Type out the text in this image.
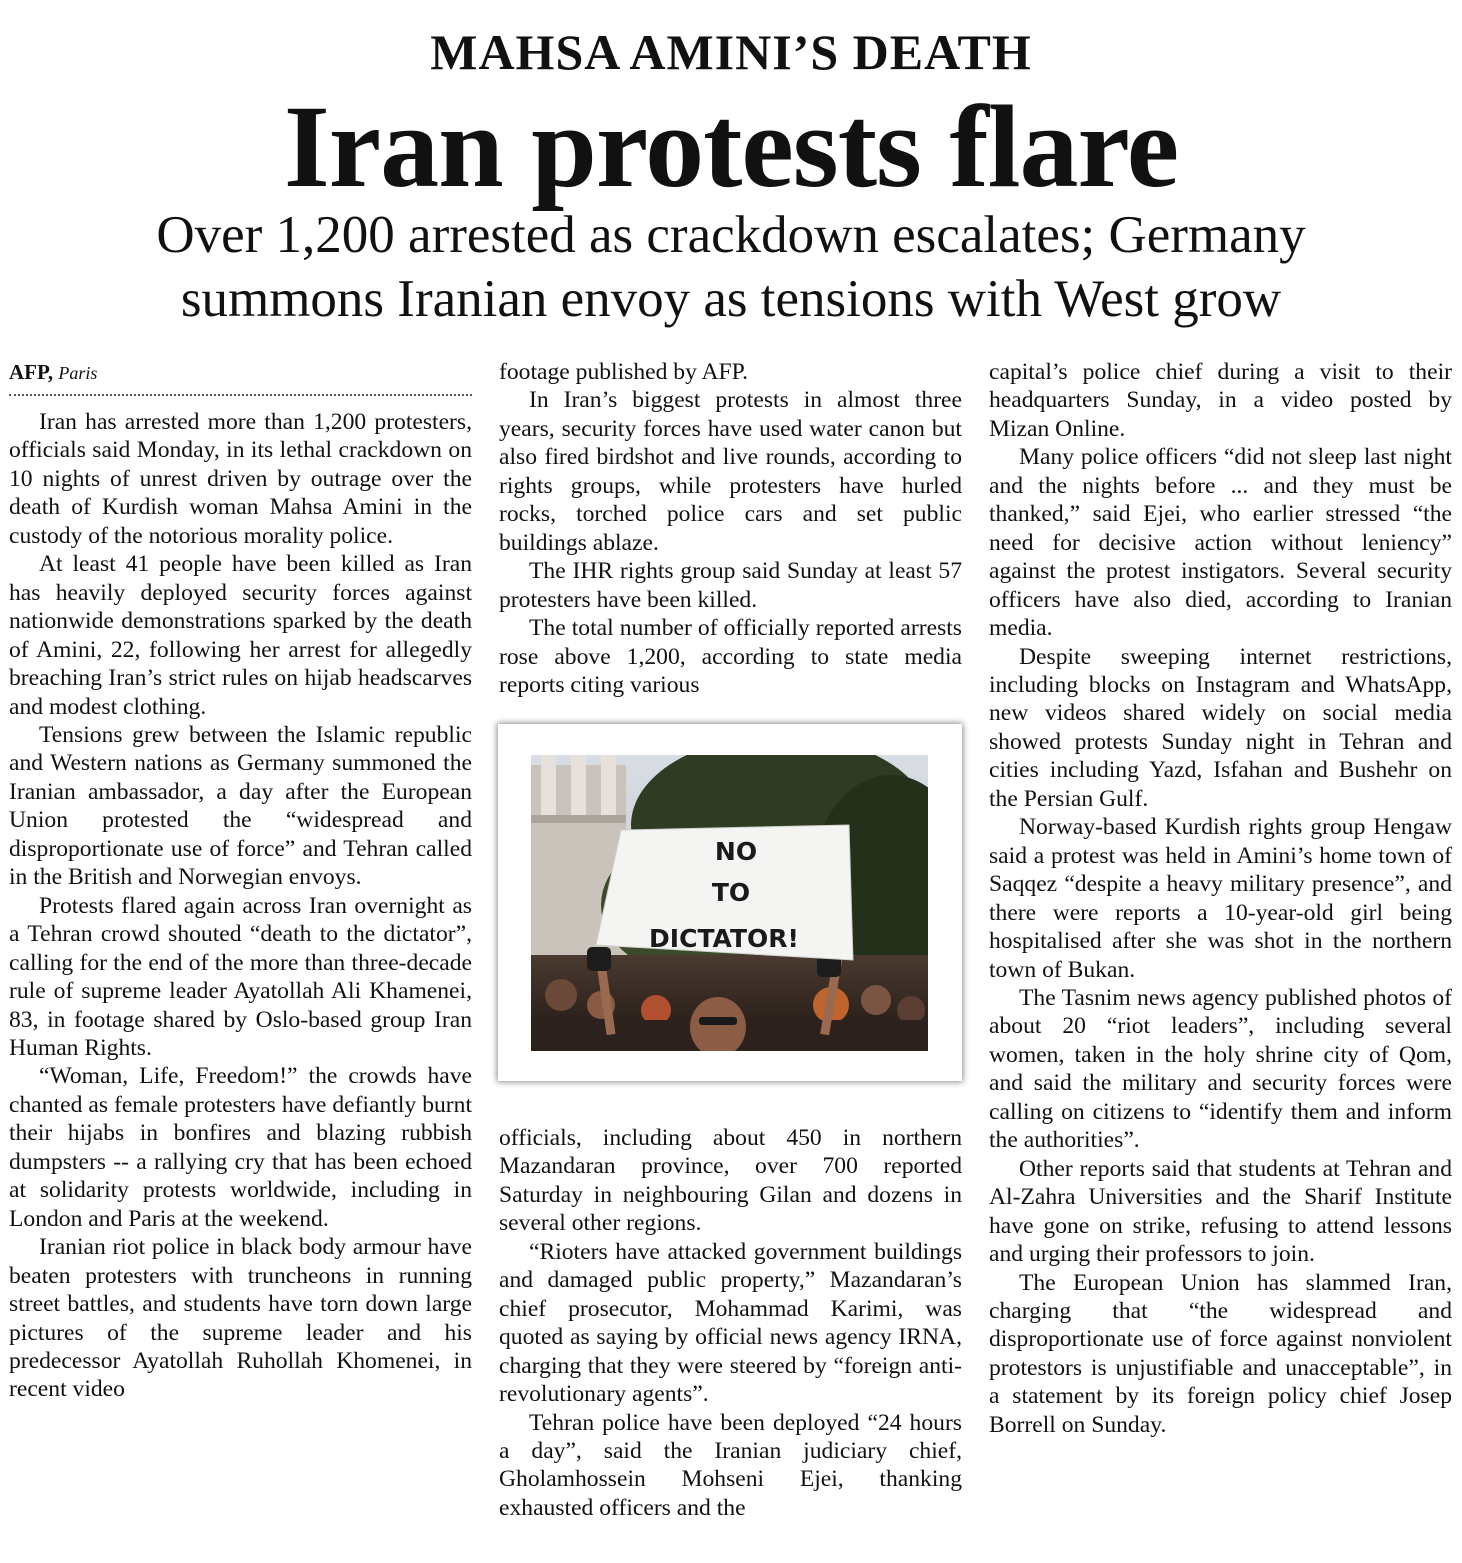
MAHSA AMINI’S DEATH
Iran protests flare
Over 1,200 arrested as crackdown escalates; Germany
summons Iranian envoy as tensions with West grow
AFP, Paris

Iran has arrested more than 1,200 protesters, officials said Monday, in its lethal crackdown on 10 nights of unrest driven by outrage over the death of Kurdish woman Mahsa Amini in the custody of the notorious morality police.

At least 41 people have been killed as Iran has heavily deployed security forces against nationwide demonstrations sparked by the death of Amini, 22, following her arrest for allegedly breaching Iran’s strict rules on hijab headscarves and modest clothing.

Tensions grew between the Islamic republic and Western nations as Germany summoned the Iranian ambassador, a day after the European Union protested the “widespread and disproportionate use of force” and Tehran called in the British and Norwegian envoys.

Protests flared again across Iran overnight as a Tehran crowd shouted “death to the dictator”, calling for the end of the more than three-decade rule of supreme leader Ayatollah Ali Khamenei, 83, in footage shared by Oslo-based group Iran Human Rights.

“Woman, Life, Freedom!” the crowds have chanted as female protesters have defiantly burnt their hijabs in bonfires and blazing rubbish dumpsters -- a rallying cry that has been echoed at solidarity protests worldwide, including in London and Paris at the weekend.

Iranian riot police in black body armour have beaten protesters with truncheons in running street battles, and students have torn down large pictures of the supreme leader and his predecessor Ayatollah Ruhollah Khomenei, in recent video

footage published by AFP.

In Iran’s biggest protests in almost three years, security forces have used water canon but also fired birdshot and live rounds, according to rights groups, while protesters have hurled rocks, torched police cars and set public buildings ablaze.

The IHR rights group said Sunday at least 57 protesters have been killed.

The total number of officially reported arrests rose above 1,200, according to state media reports citing various

NO
TO
DICTATOR!

officials, including about 450 in northern Mazandaran province, over 700 reported Saturday in neighbouring Gilan and dozens in several other regions.

“Rioters have attacked government buildings and damaged public property,” Mazandaran’s chief prosecutor, Mohammad Karimi, was quoted as saying by official news agency IRNA, charging that they were steered by “foreign anti-revolutionary agents”.

Tehran police have been deployed “24 hours a day”, said the Iranian judiciary chief, Gholamhossein Mohseni Ejei, thanking exhausted officers and the

capital’s police chief during a visit to their headquarters Sunday, in a video posted by Mizan Online.

Many police officers “did not sleep last night and the nights before ... and they must be thanked,” said Ejei, who earlier stressed “the need for decisive action without leniency” against the protest instigators. Several security officers have also died, according to Iranian media.

Despite sweeping internet restrictions, including blocks on Instagram and WhatsApp, new videos shared widely on social media showed protests Sunday night in Tehran and cities including Yazd, Isfahan and Bushehr on the Persian Gulf.

Norway-based Kurdish rights group Hengaw said a protest was held in Amini’s home town of Saqqez “despite a heavy military presence”, and there were reports a 10-year-old girl being hospitalised after she was shot in the northern town of Bukan.

The Tasnim news agency published photos of about 20 “riot leaders”, including several women, taken in the holy shrine city of Qom, and said the military and security forces were calling on citizens to “identify them and inform the authorities”.

Other reports said that students at Tehran and Al-Zahra Universities and the Sharif Institute have gone on strike, refusing to attend lessons and urging their professors to join.

The European Union has slammed Iran, charging that “the widespread and disproportionate use of force against nonviolent protestors is unjustifiable and unacceptable”, in a statement by its foreign policy chief Josep Borrell on Sunday.
